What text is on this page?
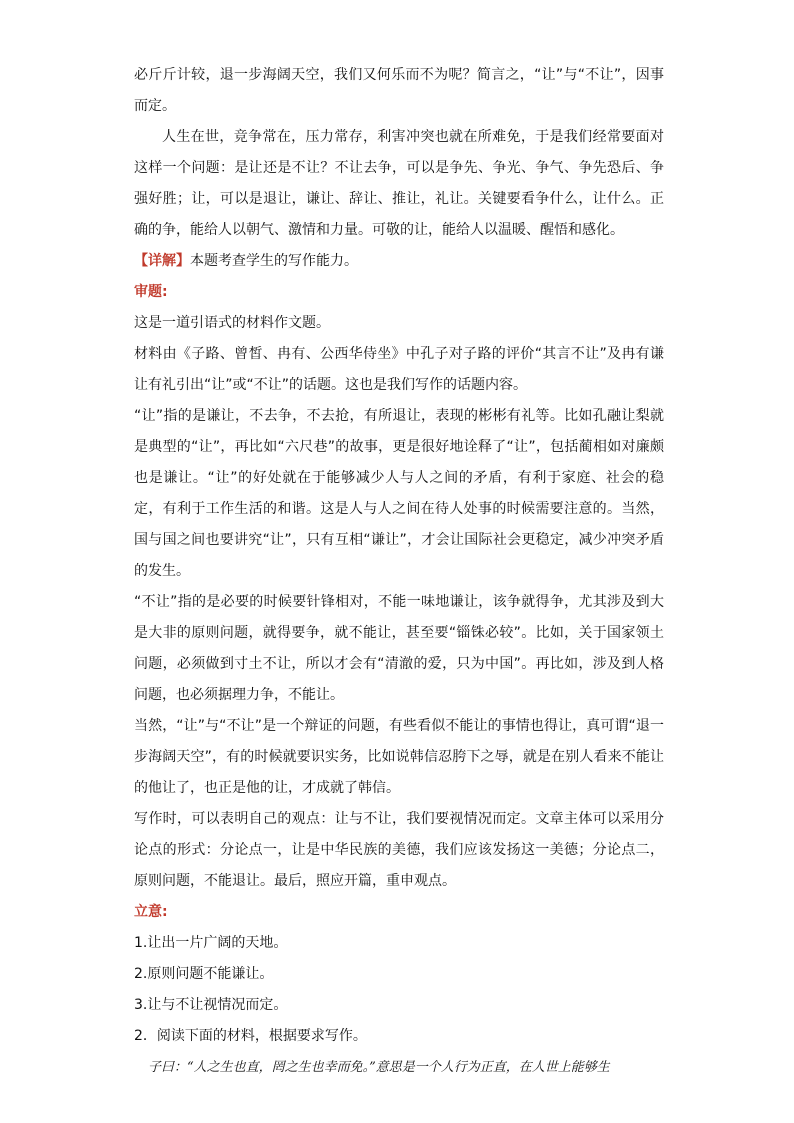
必斤斤计较，退一步海阔天空，我们又何乐而不为呢？简言之，“让”与“不让”，因事而定。

人生在世，竞争常在，压力常存，利害冲突也就在所难免，于是我们经常要面对这样一个问题：是让还是不让？不让去争，可以是争先、争光、争气、争先恐后、争强好胜；让，可以是退让，谦让、辞让、推让，礼让。关键要看争什么，让什么。正确的争，能给人以朝气、激情和力量。可敬的让，能给人以温暖、醒悟和感化。

【详解】本题考查学生的写作能力。

审题:

这是一道引语式的材料作文题。

材料由《子路、曾皙、冉有、公西华侍坐》中孔子对子路的评价“其言不让”及冉有谦让有礼引出“让”或“不让”的话题。这也是我们写作的话题内容。

“让”指的是谦让，不去争，不去抢，有所退让，表现的彬彬有礼等。比如孔融让梨就是典型的“让”，再比如“六尺巷”的故事，更是很好地诠释了“让”，包括蔺相如对廉颇也是谦让。“让”的好处就在于能够减少人与人之间的矛盾，有利于家庭、社会的稳定，有利于工作生活的和谐。这是人与人之间在待人处事的时候需要注意的。当然，国与国之间也要讲究“让”，只有互相“谦让”，才会让国际社会更稳定，减少冲突矛盾的发生。

“不让”指的是必要的时候要针锋相对，不能一味地谦让，该争就得争，尤其涉及到大是大非的原则问题，就得要争，就不能让，甚至要“锱铢必较”。比如，关于国家领土问题，必须做到寸土不让，所以才会有“清澈的爱，只为中国”。再比如，涉及到人格问题，也必须据理力争，不能让。

当然，“让”与“不让”是一个辩证的问题，有些看似不能让的事情也得让，真可谓“退一步海阔天空”，有的时候就要识实务，比如说韩信忍胯下之辱，就是在别人看来不能让的他让了，也正是他的让，才成就了韩信。

写作时，可以表明自己的观点：让与不让，我们要视情况而定。文章主体可以采用分论点的形式：分论点一，让是中华民族的美德，我们应该发扬这一美德；分论点二，原则问题，不能退让。最后，照应开篇，重申观点。

立意:

1.让出一片广阔的天地。

2.原则问题不能谦让。

3.让与不让视情况而定。

2．阅读下面的材料，根据要求写作。

子曰：“人之生也直，罔之生也幸而免。”意思是一个人行为正直，在人世上能够生
